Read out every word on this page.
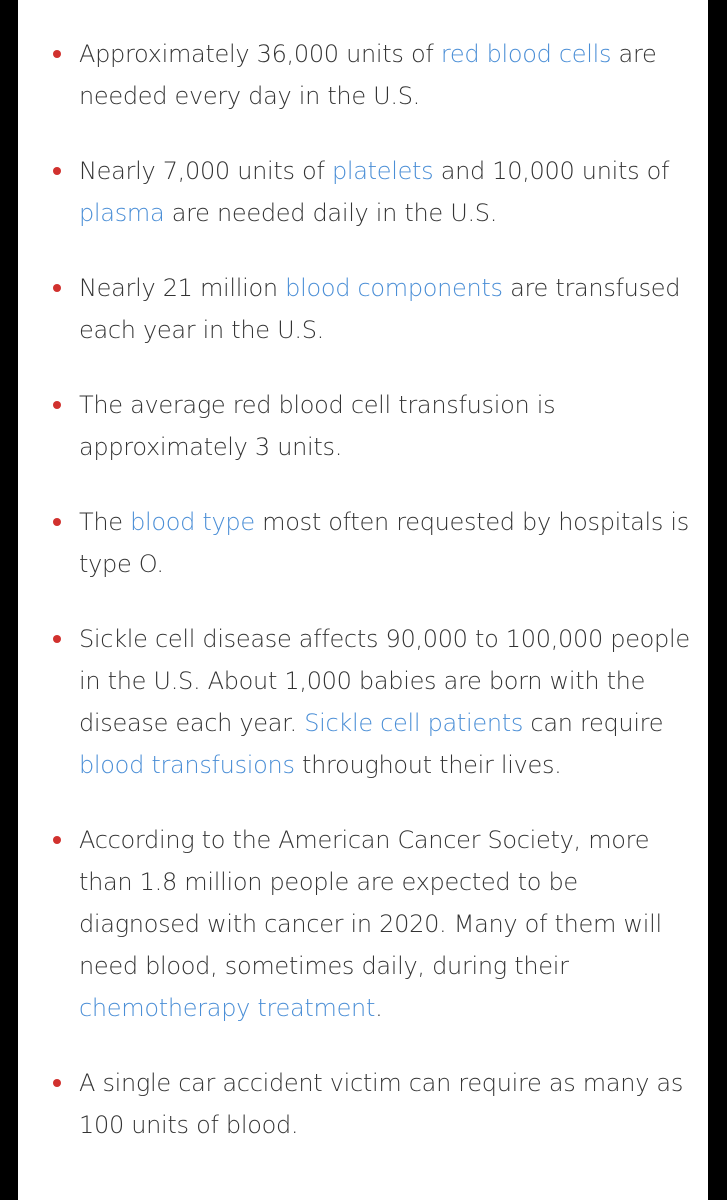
Approximately 36,000 units of red blood cells are needed every day in the U.S.
Nearly 7,000 units of platelets and 10,000 units of plasma are needed daily in the U.S.
Nearly 21 million blood components are transfused each year in the U.S.
The average red blood cell transfusion is approximately 3 units.
The blood type most often requested by hospitals is type O.
Sickle cell disease affects 90,000 to 100,000 people in the U.S. About 1,000 babies are born with the disease each year. Sickle cell patients can require blood transfusions throughout their lives.
According to the American Cancer Society, more than 1.8 million people are expected to be diagnosed with cancer in 2020. Many of them will need blood, sometimes daily, during their chemotherapy treatment.
A single car accident victim can require as many as 100 units of blood.
